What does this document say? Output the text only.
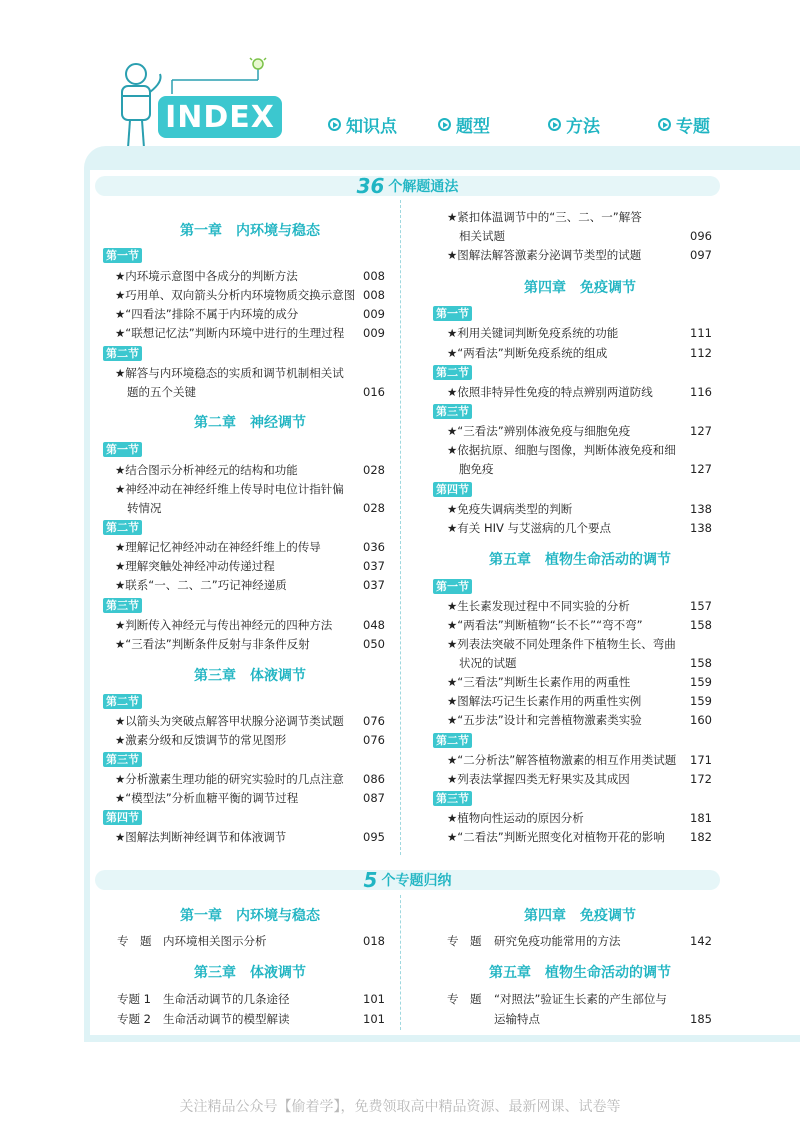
INDEX	知识点	题型	方法	专题
36 个解题通法
第一章　内环境与稳态
第一节
★内环境示意图中各成分的判断方法	008
★巧用单、双向箭头分析内环境物质交换示意图 008
★“四看法”排除不属于内环境的成分	009
★“联想记忆法”判断内环境中进行的生理过程	009
第二节
★解答与内环境稳态的实质和调节机制相关试
题的五个关键	016
第二章　神经调节
第一节
★结合图示分析神经元的结构和功能	028
★神经冲动在神经纤维上传导时电位计指针偏
转情况	028
第二节
★理解记忆神经冲动在神经纤维上的传导	036
★理解突触处神经冲动传递过程	037
★联系“一、二、二”巧记神经递质	037
第三节
★判断传入神经元与传出神经元的四种方法	048
★“三看法”判断条件反射与非条件反射	050
第三章　体液调节
第二节
★以箭头为突破点解答甲状腺分泌调节类试题	076
★激素分级和反馈调节的常见图形	076
第三节
★分析激素生理功能的研究实验时的几点注意	086
★“模型法”分析血糖平衡的调节过程	087
第四节
★图解法判断神经调节和体液调节	095
★紧扣体温调节中的“三、二、一”解答
相关试题	096
★图解法解答激素分泌调节类型的试题	097
第四章　免疫调节
第一节
★利用关键词判断免疫系统的功能	111
★“两看法”判断免疫系统的组成	112
第二节
★依照非特异性免疫的特点辨别两道防线	116
第三节
★“三看法”辨别体液免疫与细胞免疫	127
★依据抗原、细胞与图像，判断体液免疫和细
胞免疫	127
第四节
★免疫失调病类型的判断	138
★有关 HIV 与艾滋病的几个要点	138
第五章　植物生命活动的调节
第一节
★生长素发现过程中不同实验的分析	157
★“两看法”判断植物“长不长”“弯不弯”	158
★列表法突破不同处理条件下植物生长、弯曲
状况的试题	158
★“三看法”判断生长素作用的两重性	159
★图解法巧记生长素作用的两重性实例	159
★“五步法”设计和完善植物激素类实验	160
第二节
★“二分析法”解答植物激素的相互作用类试题	171
★列表法掌握四类无籽果实及其成因	172
第三节
★植物向性运动的原因分析	181
★“二看法”判断光照变化对植物开花的影响	182
5 个专题归纳
第一章　内环境与稳态
专　题 内环境相关图示分析	018
第三章　体液调节
专题 1 生命活动调节的几条途径	101
专题 2 生命活动调节的模型解读	101
第四章　免疫调节
专　题 研究免疫功能常用的方法	142
第五章　植物生命活动的调节
专　题 “对照法”验证生长素的产生部位与
运输特点	185
关注精品公众号【偷着学】，免费领取高中精品资源、最新网课、试卷等
